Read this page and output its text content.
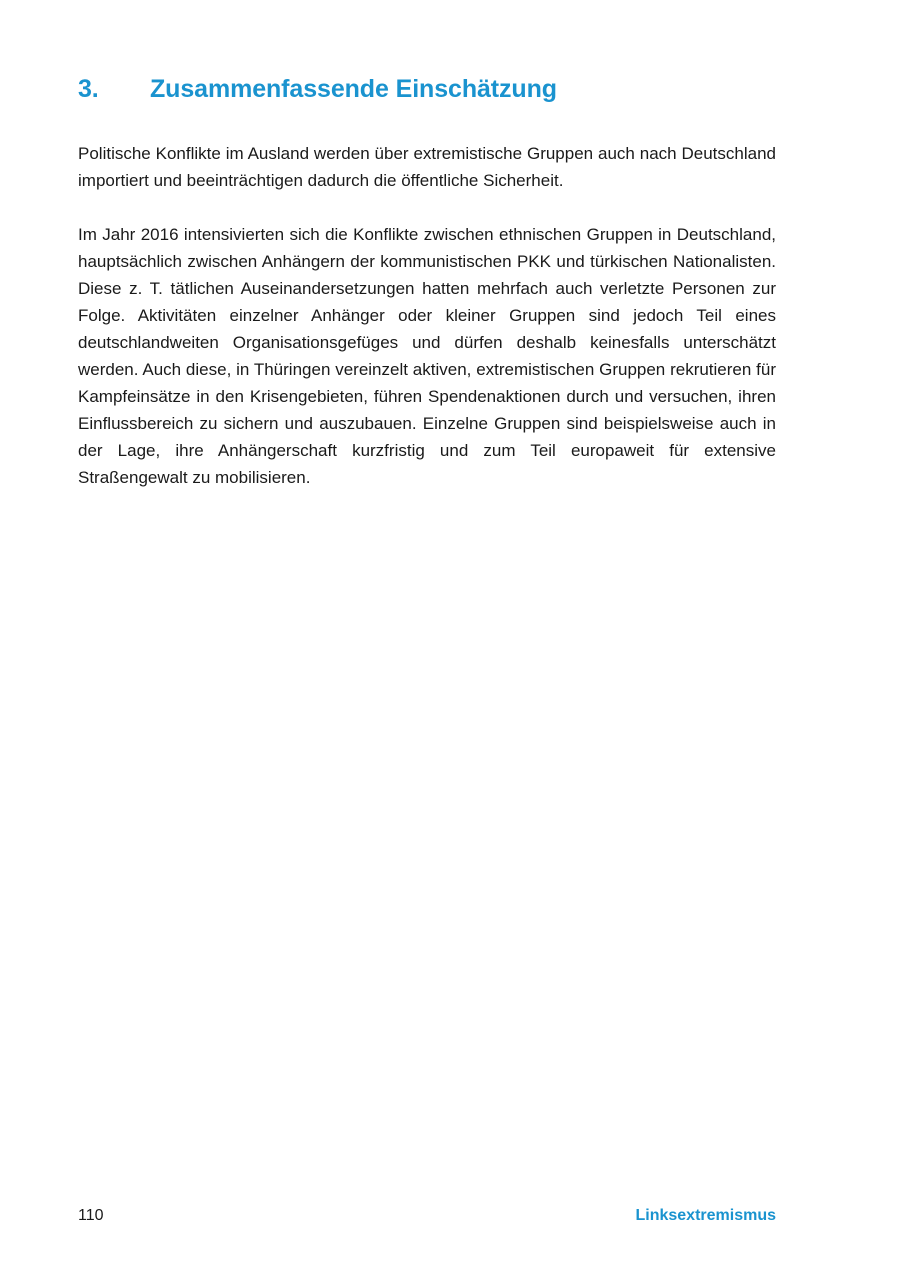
3. Zusammenfassende Einschätzung

Politische Konflikte im Ausland werden über extremistische Gruppen auch nach Deutschland importiert und beeinträchtigen dadurch die öffentliche Sicherheit.

Im Jahr 2016 intensivierten sich die Konflikte zwischen ethnischen Gruppen in Deutschland, hauptsächlich zwischen Anhängern der kommunistischen PKK und türkischen Nationalisten. Diese z. T. tätlichen Auseinandersetzungen hatten mehrfach auch verletzte Personen zur Folge. Aktivitäten einzelner Anhänger oder kleiner Gruppen sind jedoch Teil eines deutschlandweiten Organisationsgefüges und dürfen deshalb keinesfalls unterschätzt werden. Auch diese, in Thüringen vereinzelt aktiven, extremistischen Gruppen rekrutieren für Kampfeinsätze in den Krisengebieten, führen Spendenaktionen durch und versuchen, ihren Einflussbereich zu sichern und auszubauen. Einzelne Gruppen sind beispielsweise auch in der Lage, ihre Anhängerschaft kurzfristig und zum Teil europaweit für extensive Straßengewalt zu mobilisieren.

110	Linksextremismus
